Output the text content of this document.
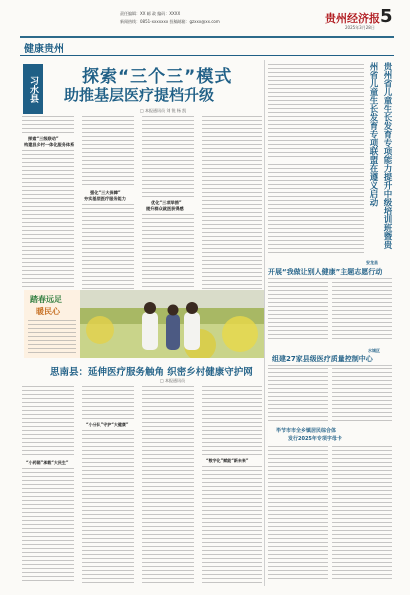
责任编辑：XX 邮 政 编码：XXXX
新闻热线：0851-xxxxxxx 投稿邮箱：gzxxx@xx.com	贵州经济报 5
2025年3月28日
健康贵州
习水县	探索“三个三”模式
助推基层医疗提档升级
□ 本报通讯员 刘 锐 杨 凯
探索“三级联动”
构建县乡村一体化服务体系
强化“三大保障”
夯实基层医疗服务能力
优化“三项举措”
提升群众就医获得感	贵州省儿童生长发育专项能力提升中级培训班暨贵州省儿童生长发育专项联盟在遵义启动
安龙县
开展“我做让别人健康”主题志愿行动
水城区
组建27家县级医疗质量控制中心
毕节市市全乡镇居民综合体
发行2025年专项字母卡
踏春远足
暖民心
思南县：延伸医疗服务触角 织密乡村健康守护网
□ 本报通讯员
“小药箱”承载“大民生”
“小分队”守护“大健康”
“数字化”赋能“新未来”
